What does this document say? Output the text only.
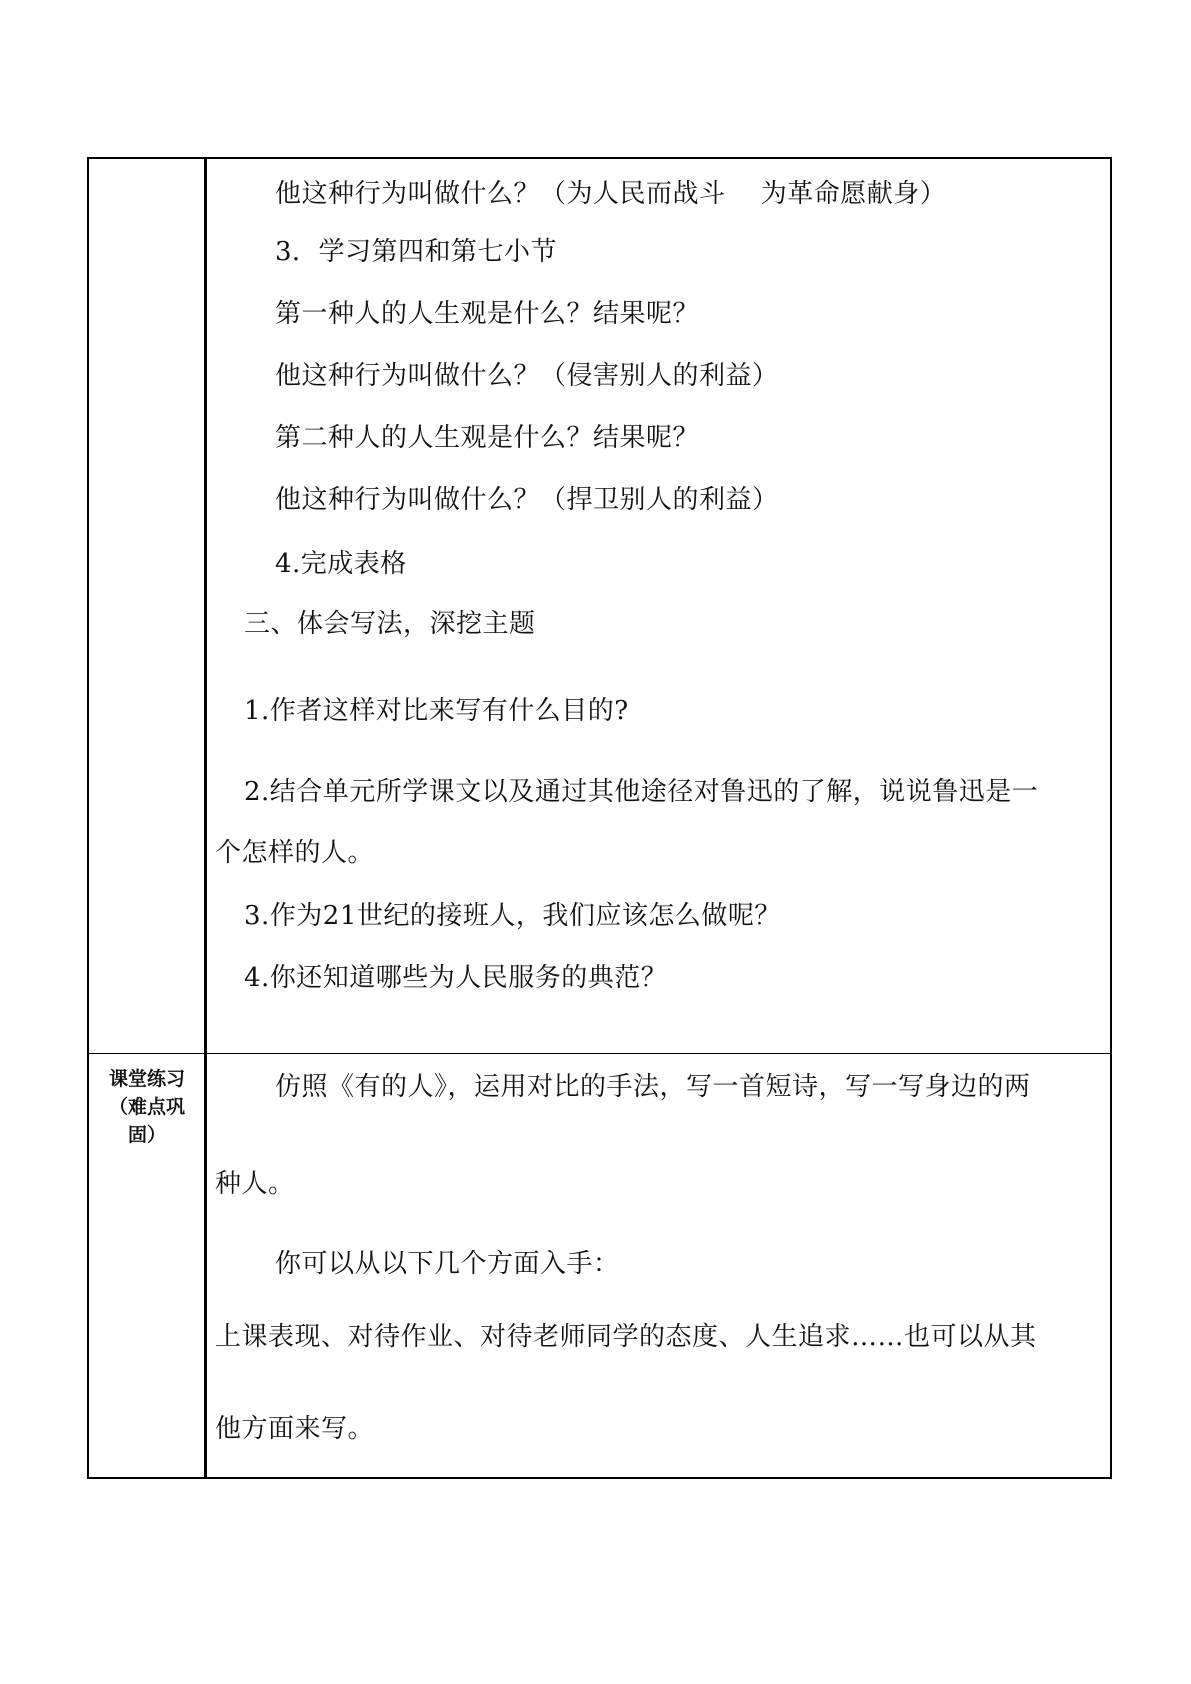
他这种行为叫做什么？（为人民而战斗　 为革命愿献身）
3．学习第四和第七小节
第一种人的人生观是什么？结果呢？
他这种行为叫做什么？（侵害别人的利益）
第二种人的人生观是什么？结果呢？
他这种行为叫做什么？（捍卫别人的利益）
4.完成表格
三、体会写法，深挖主题
1.作者这样对比来写有什么目的?
2.结合单元所学课文以及通过其他途径对鲁迅的了解，说说鲁迅是一
个怎样的人。
3.作为21世纪的接班人，我们应该怎么做呢？
4.你还知道哪些为人民服务的典范？
课堂练习
（难点巩
固）
仿照《有的人》，运用对比的手法，写一首短诗，写一写身边的两
种人。
你可以从以下几个方面入手：
上课表现、对待作业、对待老师同学的态度、人生追求……也可以从其
他方面来写。
